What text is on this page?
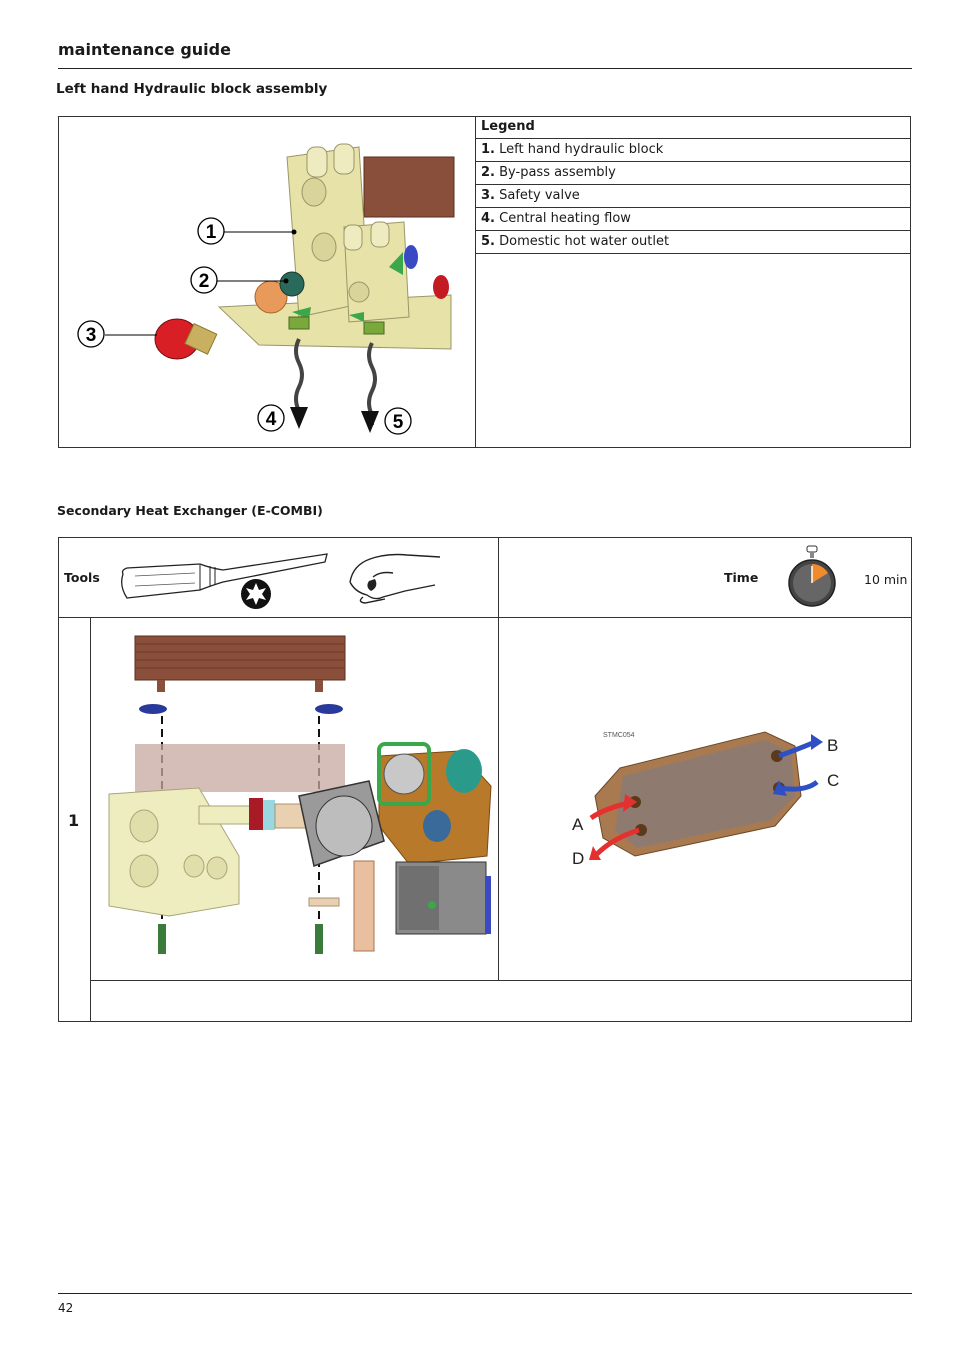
maintenance guide
Left hand Hydraulic block assembly
1
2
3
4	5
Legend
1. Left hand hydraulic block
2. By-pass assembly
3. Safety valve
4. Central heating flow
5. Domestic hot water outlet
Secondary Heat Exchanger (E-COMBI)
Tools	Time	10 min
1
STMC054
A
B
C
D
42
